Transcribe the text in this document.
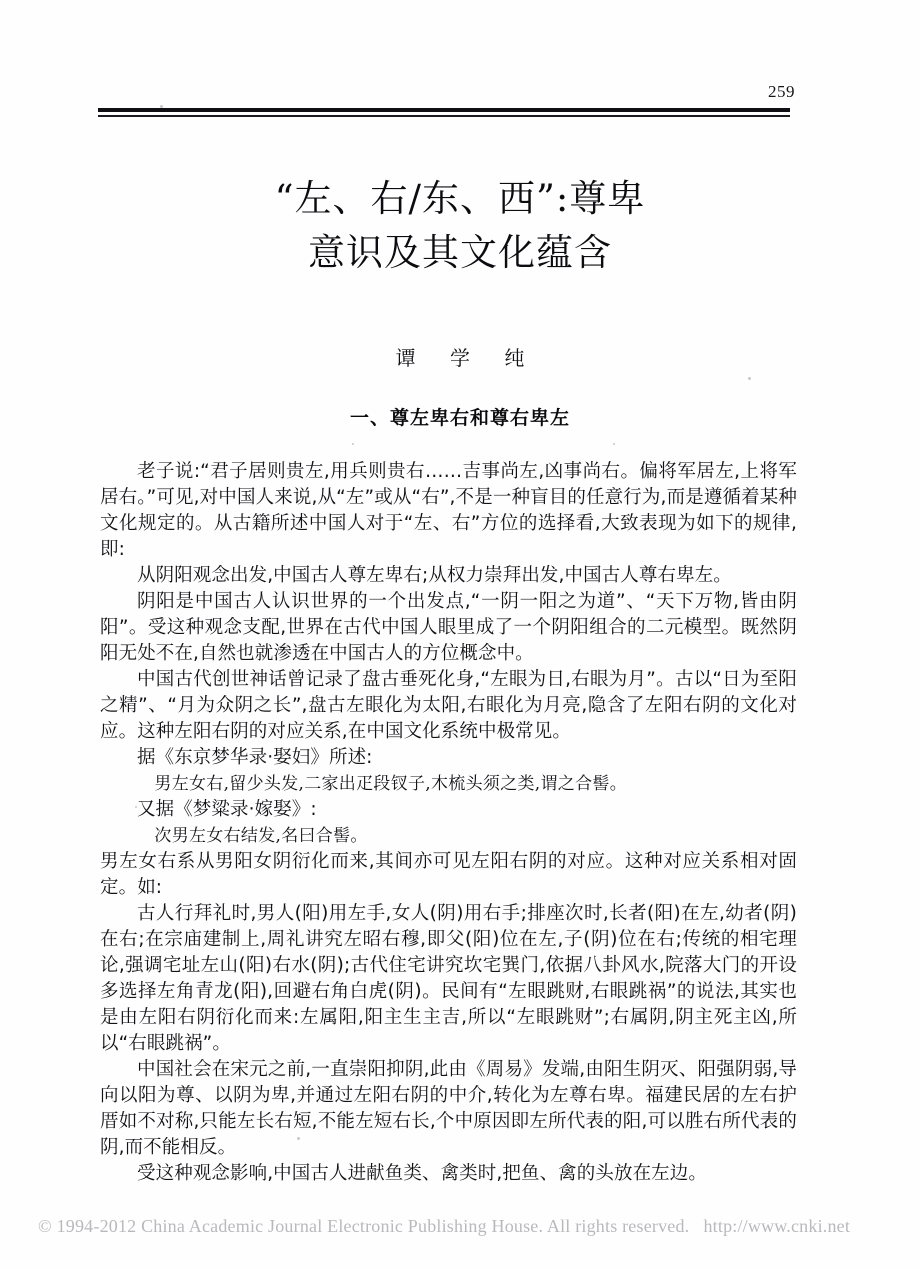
259
“左、右/东、西”:尊卑
意识及其文化蕴含
谭 学 纯
一、尊左卑右和尊右卑左

老子说:“君子居则贵左,用兵则贵右……吉事尚左,凶事尚右。偏将军居左,上将军居右。”可见,对中国人来说,从“左”或从“右”,不是一种盲目的任意行为,而是遵循着某种文化规定的。从古籍所述中国人对于“左、右”方位的选择看,大致表现为如下的规律,即:

从阴阳观念出发,中国古人尊左卑右;从权力崇拜出发,中国古人尊右卑左。

阴阳是中国古人认识世界的一个出发点,“一阴一阳之为道”、“天下万物,皆由阴阳”。受这种观念支配,世界在古代中国人眼里成了一个阴阳组合的二元模型。既然阴阳无处不在,自然也就渗透在中国古人的方位概念中。

中国古代创世神话曾记录了盘古垂死化身,“左眼为日,右眼为月”。古以“日为至阳之精”、“月为众阴之长”,盘古左眼化为太阳,右眼化为月亮,隐含了左阳右阴的文化对应。这种左阳右阴的对应关系,在中国文化系统中极常见。

据《东京梦华录·娶妇》所述:

男左女右,留少头发,二家出疋段钗子,木梳头须之类,谓之合髻。

又据《梦粱录·嫁娶》:

次男左女右结发,名曰合髻。

男左女右系从男阳女阴衍化而来,其间亦可见左阳右阴的对应。这种对应关系相对固定。如:

古人行拜礼时,男人(阳)用左手,女人(阴)用右手;排座次时,长者(阳)在左,幼者(阴)在右;在宗庙建制上,周礼讲究左昭右穆,即父(阳)位在左,子(阴)位在右;传统的相宅理论,强调宅址左山(阳)右水(阴);古代住宅讲究坎宅巽门,依据八卦风水,院落大门的开设多选择左角青龙(阳),回避右角白虎(阴)。民间有“左眼跳财,右眼跳祸”的说法,其实也是由左阳右阴衍化而来:左属阳,阳主生主吉,所以“左眼跳财”;右属阴,阴主死主凶,所以“右眼跳祸”。

中国社会在宋元之前,一直崇阳抑阴,此由《周易》发端,由阳生阴灭、阳强阴弱,导向以阳为尊、以阴为卑,并通过左阳右阴的中介,转化为左尊右卑。福建民居的左右护厝如不对称,只能左长右短,不能左短右长,个中原因即左所代表的阳,可以胜右所代表的阴,而不能相反。

受这种观念影响,中国古人进献鱼类、禽类时,把鱼、禽的头放在左边。

© 1994-2012 China Academic Journal Electronic Publishing House. All rights reserved.   http://www.cnki.net
